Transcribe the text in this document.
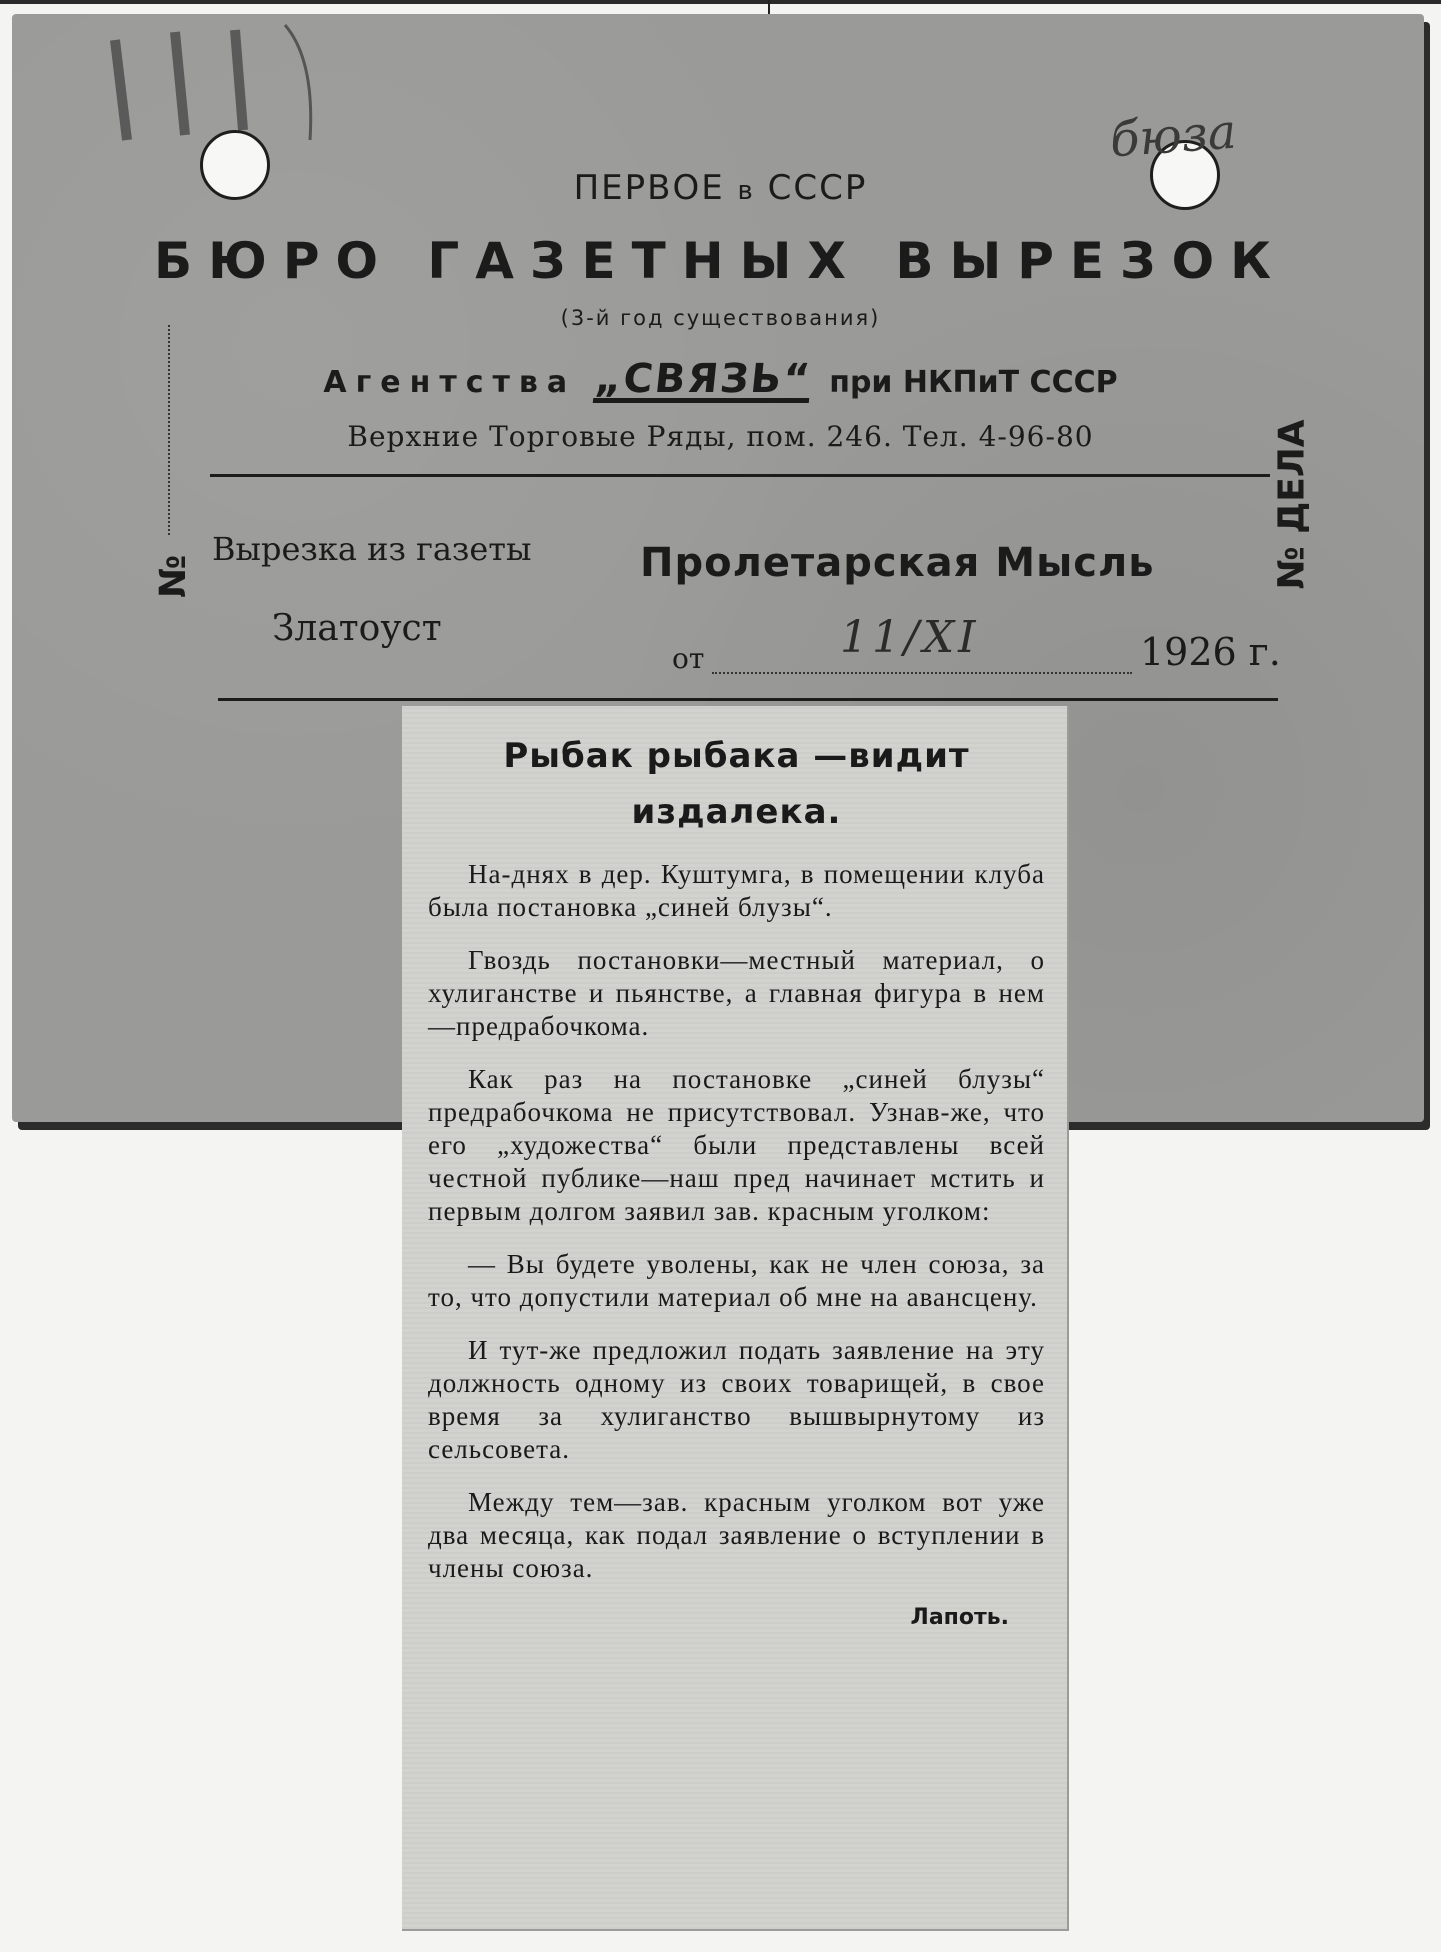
бюза
ПЕРВОЕ в СССР
БЮРО ГАЗЕТНЫХ ВЫРЕЗОК
(3-й год существования)
Агентства „СВЯЗЬ“ при НКПиТ СССР
Верхние Торговые Ряды, пом. 246. Тел. 4-96-80
№	№ ДЕЛА
Вырезка из газеты	Пролетарская Мысль
Златоуст
от	11/XI	1926 г.
Рыбак рыбака —видит издалека.

На-днях в дер. Куштумга, в помещении клуба была постановка „синей блузы“.

Гвоздь постановки—местный материал, о хулиганстве и пьянстве, а главная фигура в нем—предрабочкома.

Как раз на постановке „синей блузы“ предрабочкома не присутствовал. Узнав-же, что его „художества“ были представлены всей честной публике—наш пред начинает мстить и первым долгом заявил зав. красным уголком:

— Вы будете уволены, как не член союза, за то, что допустили материал об мне на авансцену.

И тут-же предложил подать заявление на эту должность одному из своих товарищей, в свое время за хулиганство вышвырнутому из сельсовета.

Между тем—зав. красным уголком вот уже два месяца, как подал заявление о вступлении в члены союза.

Лапоть.
